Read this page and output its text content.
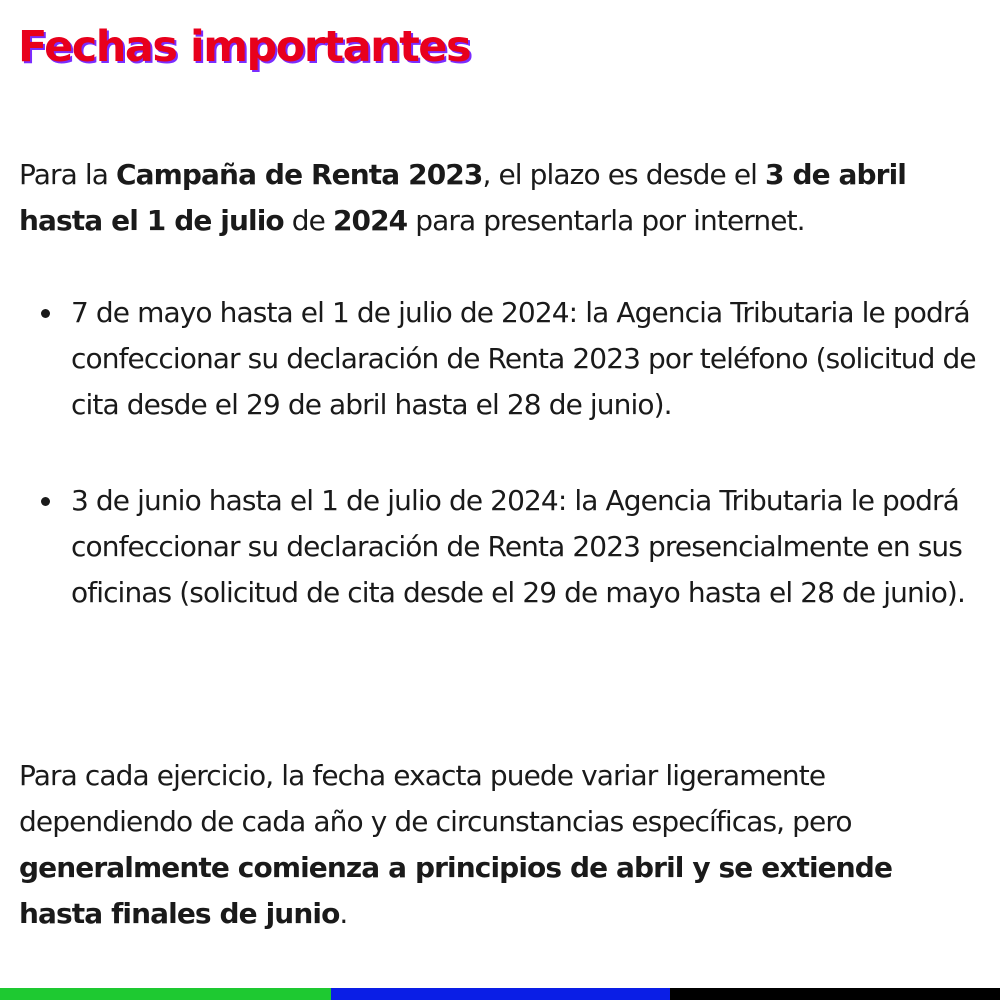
Fechas importantes
Para la Campaña de Renta 2023, el plazo es desde el 3 de abril hasta el 1 de julio de 2024 para presentarla por internet.
7 de mayo hasta el 1 de julio de 2024: la Agencia Tributaria le podrá confeccionar su declaración de Renta 2023 por teléfono (solicitud de cita desde el 29 de abril hasta el 28 de junio).
3 de junio hasta el 1 de julio de 2024: la Agencia Tributaria le podrá confeccionar su declaración de Renta 2023 presencialmente en sus oficinas (solicitud de cita desde el 29 de mayo hasta el 28 de junio).
Para cada ejercicio, la fecha exacta puede variar ligeramente dependiendo de cada año y de circunstancias específicas, pero generalmente comienza a principios de abril y se extiende hasta finales de junio.
